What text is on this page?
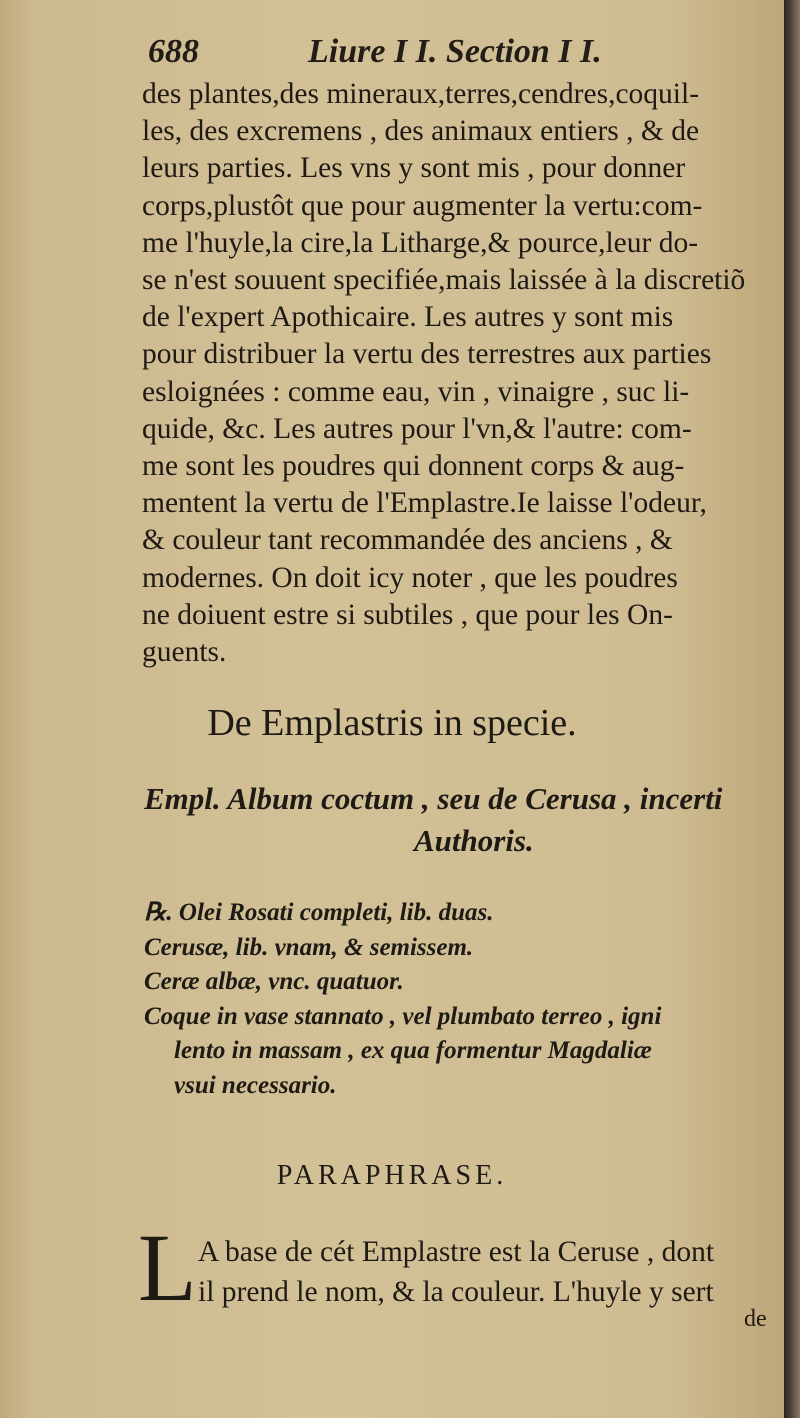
688	Liure I I. Section I I.
des plantes,des mineraux,terres,cendres,coquil-
les, des excremens , des animaux entiers , & de
leurs parties. Les vns y sont mis , pour donner
corps,plustôt que pour augmenter la vertu:com-
me l'huyle,la cire,la Litharge,& pource,leur do-
se n'est souuent specifiée,mais laissée à la discretiõ
de l'expert Apothicaire. Les autres y sont mis
pour distribuer la vertu des terrestres aux parties
esloignées : comme eau, vin , vinaigre , suc li-
quide, &c. Les autres pour l'vn,& l'autre: com-
me sont les poudres qui donnent corps & aug-
mentent la vertu de l'Emplastre.Ie laisse l'odeur,
& couleur tant recommandée des anciens , &
modernes. On doit icy noter , que les poudres
ne doiuent estre si subtiles , que pour les On-
guents.
De Emplastris in specie.
Empl. Album coctum , seu de Cerusa , incerti
Authoris.
℞. Olei Rosati completi, lib. duas.
Cerusæ, lib. vnam, & semissem.
Ceræ albæ, vnc. quatuor.
Coque in vase stannato , vel plumbato terreo , igni
lento in massam , ex qua formentur Magdaliæ
vsui necessario.
PARAPHRASE.
L A base de cét Emplastre est la Ceruse , dont
il prend le nom, & la couleur. L'huyle y sert
de
